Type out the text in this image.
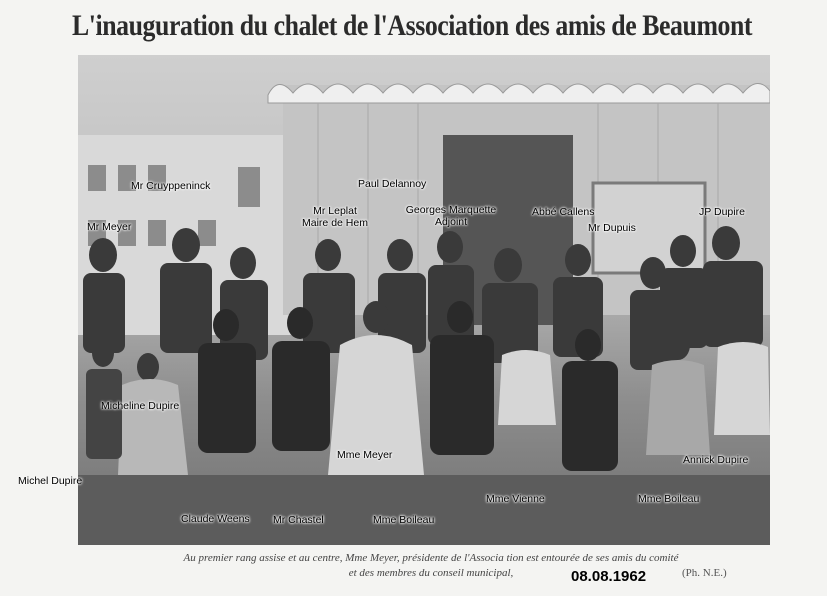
L'inauguration du chalet de l'Association des amis de Beaumont

Mr Cruyppeninck	Paul Delannoy

Mr Meyer

Mr Leplat
Maire de Hem

Georges Marquette
Adjoint

Abbé Callens

Mr Dupuis

JP Dupire

Micheline Dupire

Mme Meyer	Annick Dupire

Michel Dupire

Mme Vienne	Mme Boileau

Claude Weens Mr Chastel	Mme Boileau

Au premier rang assise et au centre, Mme Meyer, présidente de l'Associa tion est entourée de ses amis du comité
et des membres du conseil municipal,	(Ph. N.E.)

08.08.1962
